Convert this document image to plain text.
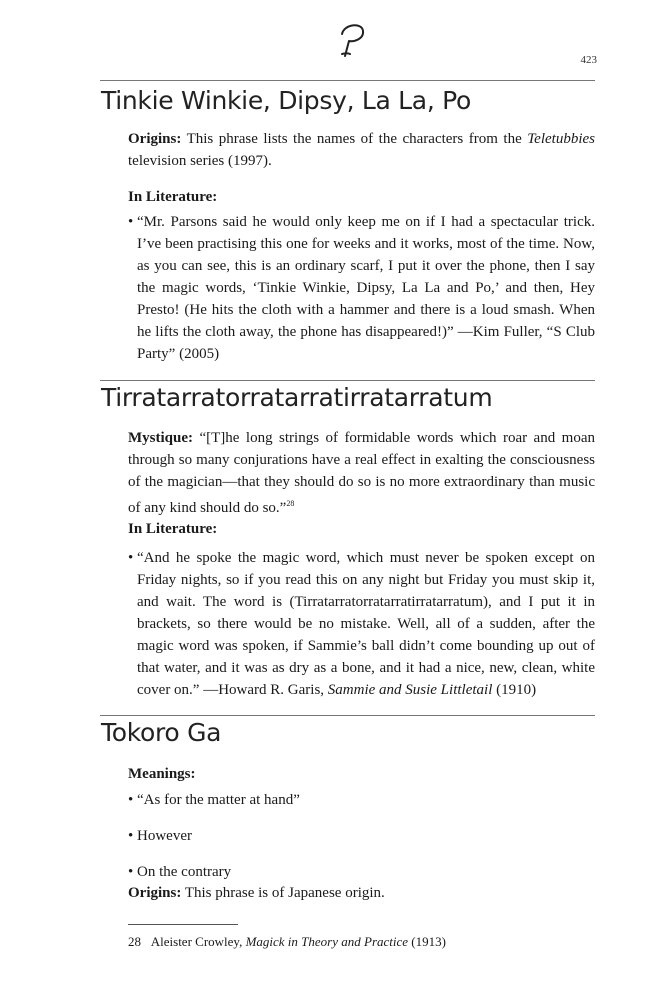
423
Tinkie Winkie, Dipsy, La La, Po
Origins: This phrase lists the names of the characters from the Teletubbies television series (1997).
In Literature:
• “Mr. Parsons said he would only keep me on if I had a spectacular trick. I’ve been practising this one for weeks and it works, most of the time. Now, as you can see, this is an ordinary scarf, I put it over the phone, then I say the magic words, ‘Tinkie Winkie, Dipsy, La La and Po,’ and then, Hey Presto! (He hits the cloth with a hammer and there is a loud smash. When he lifts the cloth away, the phone has disappeared!)” —Kim Fuller, “S Club Party” (2005)
Tirratarratorratarratirratarratum
Mystique: “[T]he long strings of formidable words which roar and moan through so many conjurations have a real effect in exalting the consciousness of the magician—that they should do so is no more extraordinary than music of any kind should do so.”$^{28}$
In Literature:
• “And he spoke the magic word, which must never be spoken except on Friday nights, so if you read this on any night but Friday you must skip it, and wait. The word is (Tirratarratorratarratirratarratum), and I put it in brackets, so there would be no mistake. Well, all of a sudden, after the magic word was spoken, if Sammie’s ball didn’t come bounding up out of that water, and it was as dry as a bone, and it had a nice, new, clean, white cover on.” —Howard R. Garis, Sammie and Susie Littletail (1910)
Tokoro Ga
Meanings:
• “As for the matter at hand”
• However
• On the contrary
Origins: This phrase is of Japanese origin.
28 Aleister Crowley, Magick in Theory and Practice (1913)
